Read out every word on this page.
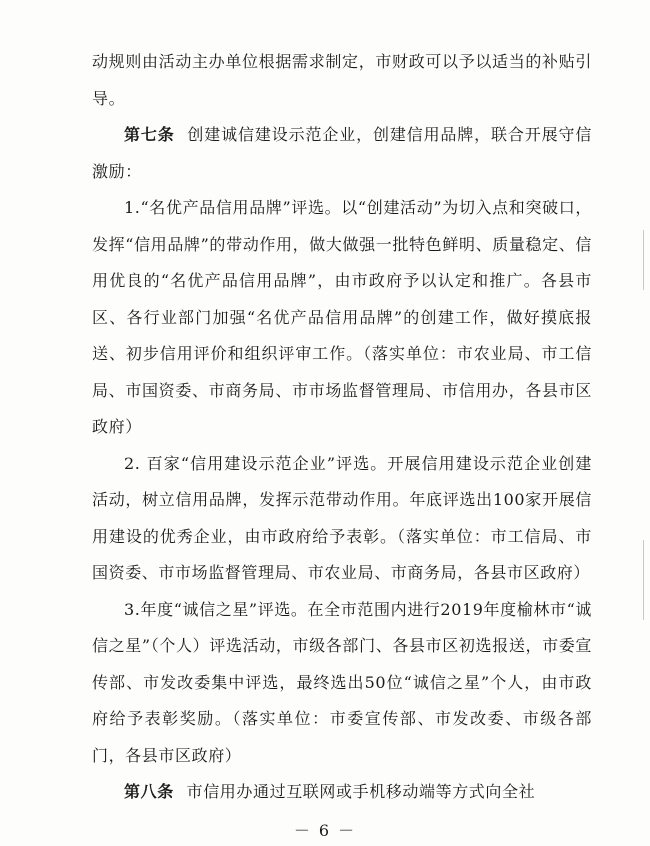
动规则由活动主办单位根据需求制定，市财政可以予以适当的补贴引导。

第七条 创建诚信建设示范企业，创建信用品牌，联合开展守信激励：

1.“名优产品信用品牌”评选。以“创建活动”为切入点和突破口，发挥“信用品牌”的带动作用，做大做强一批特色鲜明、质量稳定、信用优良的“名优产品信用品牌”，由市政府予以认定和推广。各县市区、各行业部门加强“名优产品信用品牌”的创建工作，做好摸底报送、初步信用评价和组织评审工作。（落实单位：市农业局、市工信局、市国资委、市商务局、市市场监督管理局、市信用办，各县市区政府）

2. 百家“信用建设示范企业”评选。开展信用建设示范企业创建活动，树立信用品牌，发挥示范带动作用。年底评选出100家开展信用建设的优秀企业，由市政府给予表彰。（落实单位：市工信局、市国资委、市市场监督管理局、市农业局、市商务局，各县市区政府）

3.年度“诚信之星”评选。在全市范围内进行2019年度榆林市“诚信之星”（个人）评选活动，市级各部门、各县市区初选报送，市委宣传部、市发改委集中评选，最终选出50位“诚信之星”个人，由市政府给予表彰奖励。（落实单位：市委宣传部、市发改委、市级各部门，各县市区政府）

第八条 市信用办通过互联网或手机移动端等方式向全社

－ 6 －
